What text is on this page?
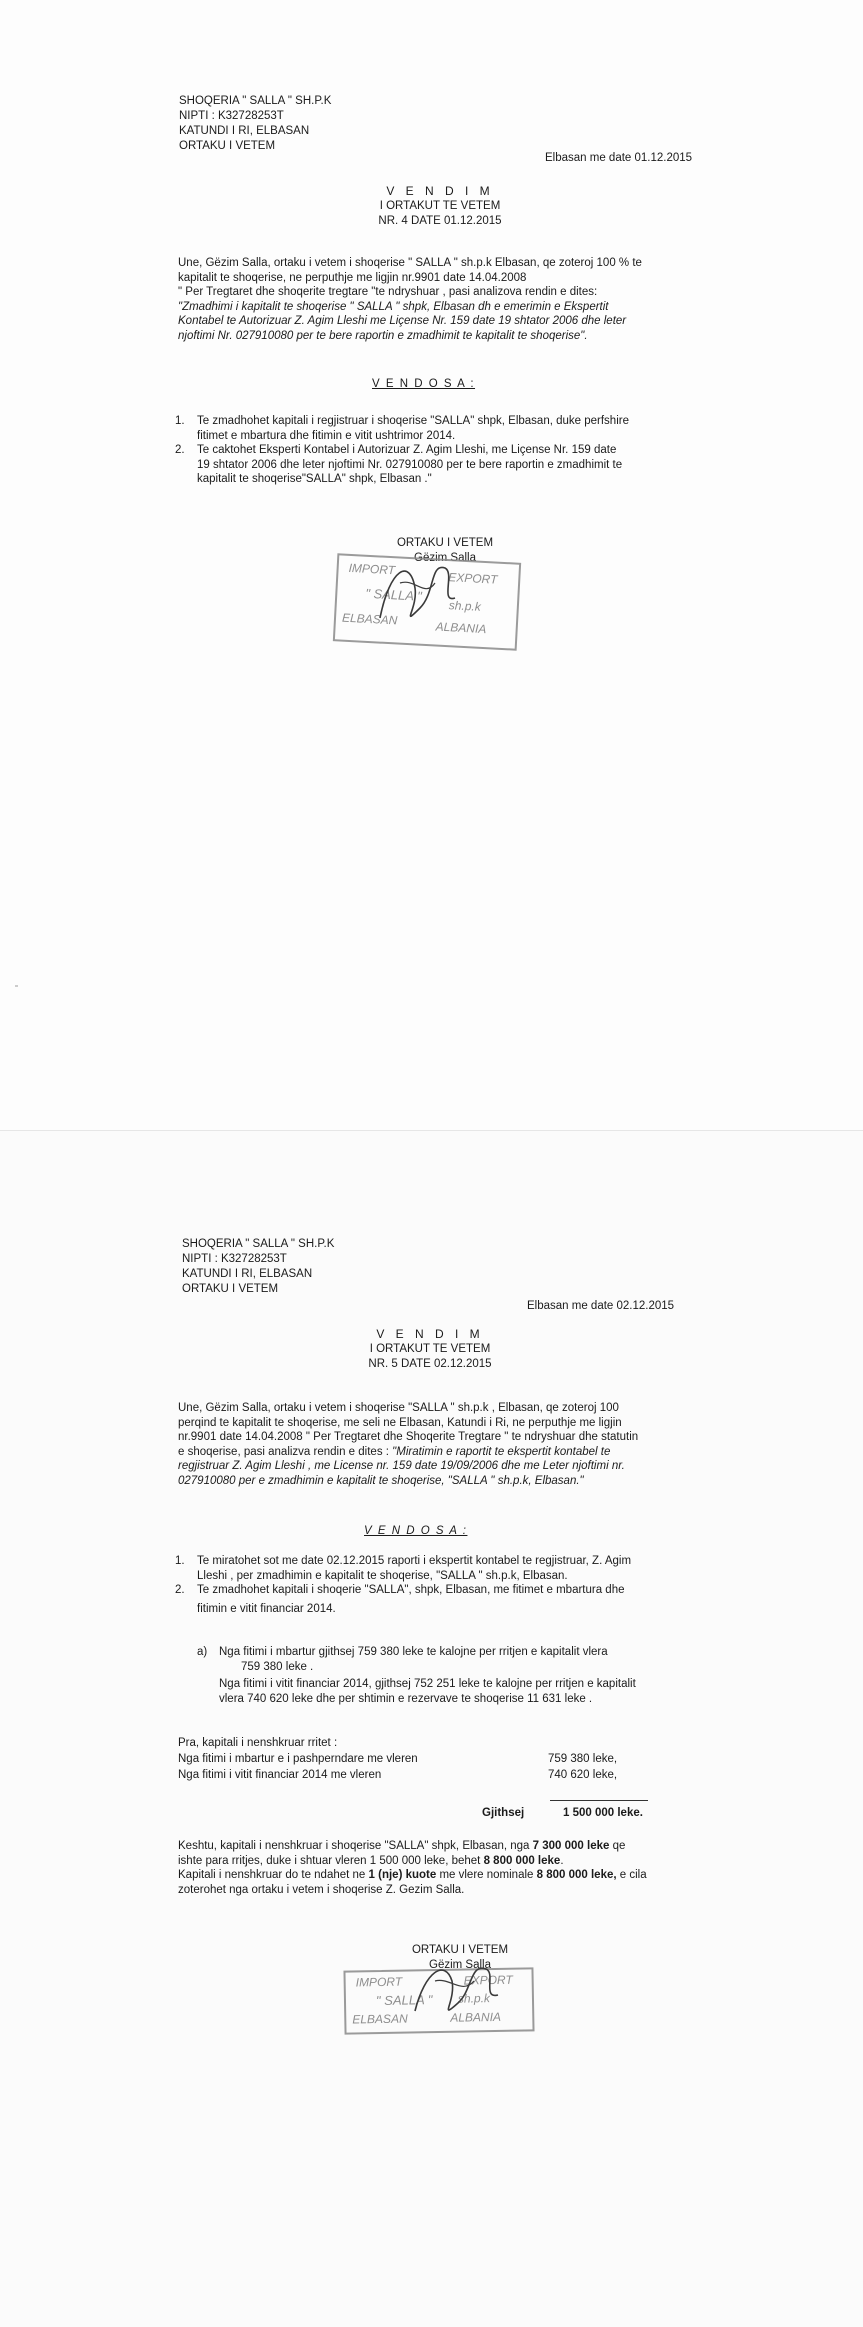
SHOQERIA " SALLA " SH.P.K
NIPTI : K32728253T
KATUNDI I RI, ELBASAN
ORTAKU I VETEM
Elbasan me date 01.12.2015
V E N D I M
I ORTAKUT TE VETEM
NR. 4 DATE 01.12.2015
Une, Gëzim Salla, ortaku i vetem i shoqerise " SALLA " sh.p.k Elbasan, qe zoteroj 100 % te
kapitalit te shoqerise, ne perputhje me ligjin nr.9901 date 14.04.2008
" Per Tregtaret dhe shoqerite tregtare "te ndryshuar , pasi analizova rendin e dites:
"Zmadhimi i kapitalit te shoqerise " SALLA " shpk, Elbasan dh e emerimin e Ekspertit
Kontabel te Autorizuar Z. Agim Lleshi me Liçense Nr. 159 date 19 shtator 2006 dhe leter
njoftimi Nr. 027910080 per te bere raportin e zmadhimit te kapitalit te shoqerise".
V E N D O S A :
1.	Te zmadhohet kapitali i regjistruar i shoqerise "SALLA" shpk, Elbasan, duke perfshire
fitimet e mbartura dhe fitimin e vitit ushtrimor 2014.
2.	Te caktohet Eksperti Kontabel i Autorizuar Z. Agim Lleshi, me Liçense Nr. 159 date
19 shtator 2006 dhe leter njoftimi Nr. 027910080 per te bere raportin e zmadhimit te
kapitalit te shoqerise"SALLA" shpk, Elbasan ."
ORTAKU I VETEM
Gëzim Salla
IMPORT
EXPORT
" SALLA "
sh.p.k
ELBASAN
ALBANIA
SHOQERIA " SALLA " SH.P.K
NIPTI : K32728253T
KATUNDI I RI, ELBASAN
ORTAKU I VETEM
Elbasan me date 02.12.2015
V E N D I M
I ORTAKUT TE VETEM
NR. 5 DATE 02.12.2015
Une, Gëzim Salla, ortaku i vetem i shoqerise "SALLA " sh.p.k , Elbasan, qe zoteroj 100
perqind te kapitalit te shoqerise, me seli ne Elbasan, Katundi i Ri, ne perputhje me ligjin
nr.9901 date 14.04.2008 " Per Tregtaret dhe Shoqerite Tregtare " te ndryshuar dhe statutin
e shoqerise, pasi analizva rendin e dites : "Miratimin e raportit te ekspertit kontabel te
regjistruar Z. Agim Lleshi , me License nr. 159 date 19/09/2006 dhe me Leter njoftimi nr.
027910080 per e zmadhimin e kapitalit te shoqerise, "SALLA " sh.p.k, Elbasan."
V E N D O S A :
1.	Te miratohet sot me date 02.12.2015 raporti i ekspertit kontabel te regjistruar, Z. Agim
Lleshi , per zmadhimin e kapitalit te shoqerise, "SALLA " sh.p.k, Elbasan.
2.	Te zmadhohet kapitali i shoqerie "SALLA", shpk, Elbasan, me fitimet e mbartura dhe
fitimin e vitit financiar 2014.
a)	Nga fitimi i mbartur gjithsej 759 380 leke te kalojne per rritjen e kapitalit vlera
759 380 leke .
Nga fitimi i vitit financiar 2014, gjithsej 752 251 leke te kalojne per rritjen e kapitalit
vlera 740 620 leke dhe per shtimin e rezervave te shoqerise 11 631 leke .
Pra, kapitali i nenshkruar rritet :
Nga fitimi i mbartur e i pashperndare me vleren	759 380 leke,
Nga fitimi i vitit financiar 2014 me vleren	740 620 leke,
Gjithsej	1 500 000 leke.
Keshtu, kapitali i nenshkruar i shoqerise "SALLA" shpk, Elbasan, nga 7 300 000 leke qe
ishte para rritjes, duke i shtuar vleren 1 500 000 leke, behet 8 800 000 leke.
Kapitali i nenshkruar do te ndahet ne 1 (nje) kuote me vlere nominale 8 800 000 leke, e cila
zoterohet nga ortaku i vetem i shoqerise Z. Gezim Salla.
ORTAKU I VETEM
Gëzim Salla
IMPORT	EXPORT
" SALLA " sh.p.k
ELBASAN	ALBANIA
